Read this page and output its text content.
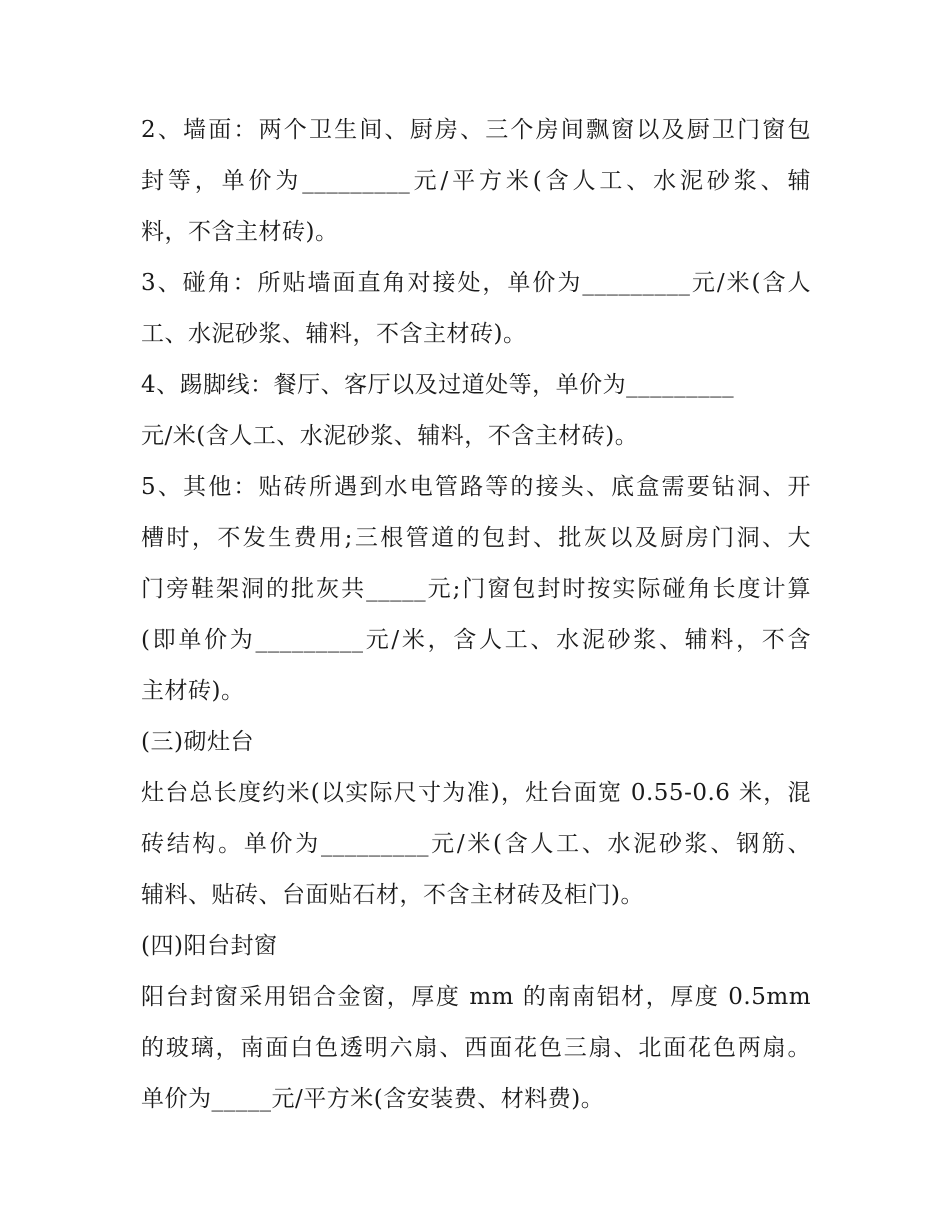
2、墙面：两个卫生间、厨房、三个房间飘窗以及厨卫门窗包
封等，单价为_________元/平方米(含人工、水泥砂浆、辅
料，不含主材砖)。
3、碰角：所贴墙面直角对接处，单价为_________元/米(含人
工、水泥砂浆、辅料，不含主材砖)。
4、踢脚线：餐厅、客厅以及过道处等，单价为_________
元/米(含人工、水泥砂浆、辅料，不含主材砖)。
5、其他：贴砖所遇到水电管路等的接头、底盒需要钻洞、开
槽时，不发生费用;三根管道的包封、批灰以及厨房门洞、大
门旁鞋架洞的批灰共_____元;门窗包封时按实际碰角长度计算
(即单价为_________元/米，含人工、水泥砂浆、辅料，不含
主材砖)。
(三)砌灶台
灶台总长度约米(以实际尺寸为准)，灶台面宽 0.55-0.6 米，混
砖结构。单价为_________元/米(含人工、水泥砂浆、钢筋、
辅料、贴砖、台面贴石材，不含主材砖及柜门)。
(四)阳台封窗
阳台封窗采用铝合金窗，厚度 mm 的南南铝材，厚度 0.5mm
的玻璃，南面白色透明六扇、西面花色三扇、北面花色两扇。
单价为_____元/平方米(含安装费、材料费)。
